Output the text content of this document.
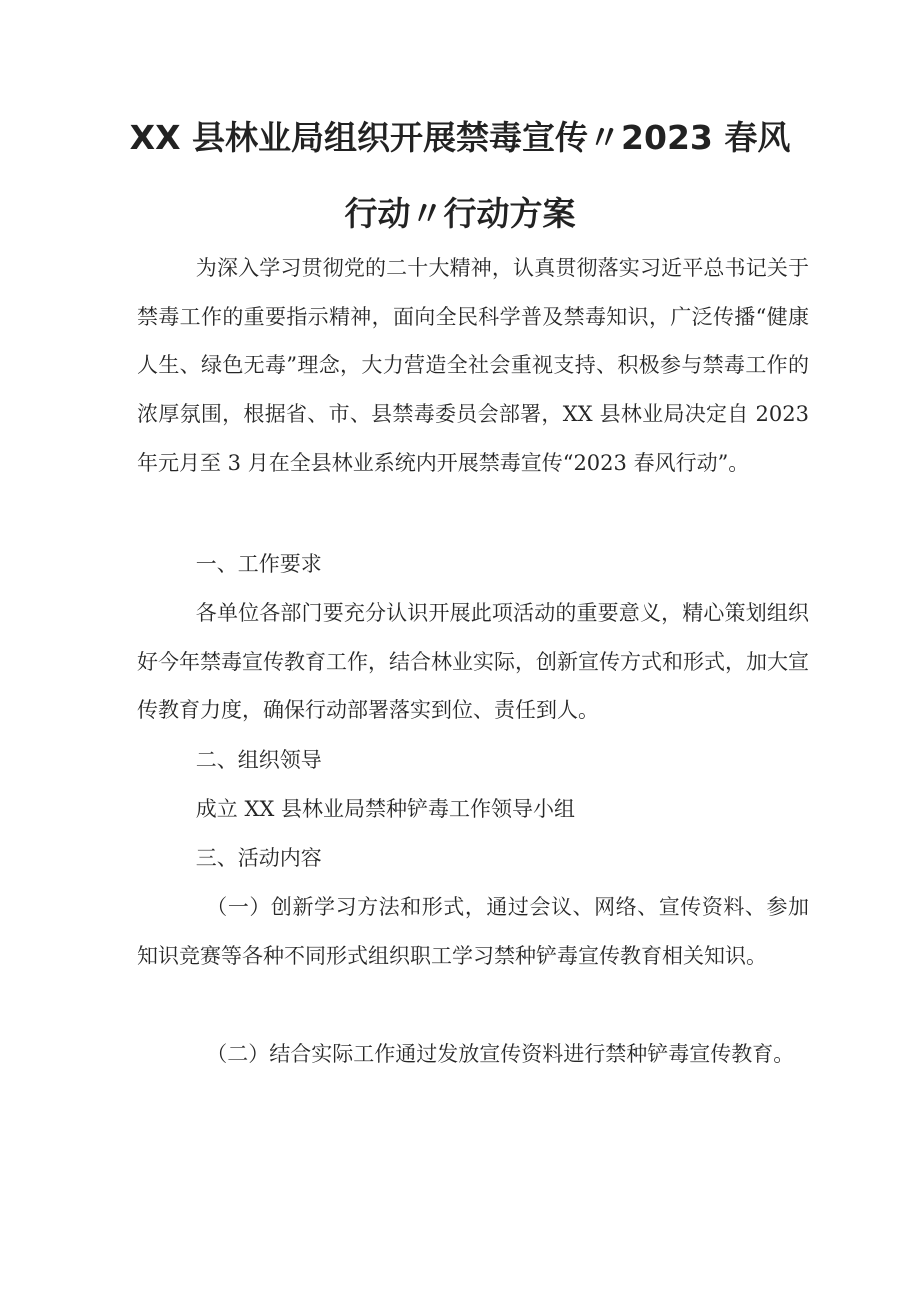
XX 县林业局组织开展禁毒宣传〃2023 春风
行动〃行动方案

为深入学习贯彻党的二十大精神，认真贯彻落实习近平总书记关于禁毒工作的重要指示精神，面向全民科学普及禁毒知识，广泛传播“健康人生、绿色无毒”理念，大力营造全社会重视支持、积极参与禁毒工作的浓厚氛围，根据省、市、县禁毒委员会部署，XX 县林业局决定自 2023 年元月至 3 月在全县林业系统内开展禁毒宣传“2023 春风行动”。

一、工作要求

各单位各部门要充分认识开展此项活动的重要意义，精心策划组织好今年禁毒宣传教育工作，结合林业实际，创新宣传方式和形式，加大宣传教育力度，确保行动部署落实到位、责任到人。

二、组织领导

成立 XX 县林业局禁种铲毒工作领导小组

三、活动内容

（一）创新学习方法和形式，通过会议、网络、宣传资料、参加知识竞赛等各种不同形式组织职工学习禁种铲毒宣传教育相关知识。

（二）结合实际工作通过发放宣传资料进行禁种铲毒宣传教育。
